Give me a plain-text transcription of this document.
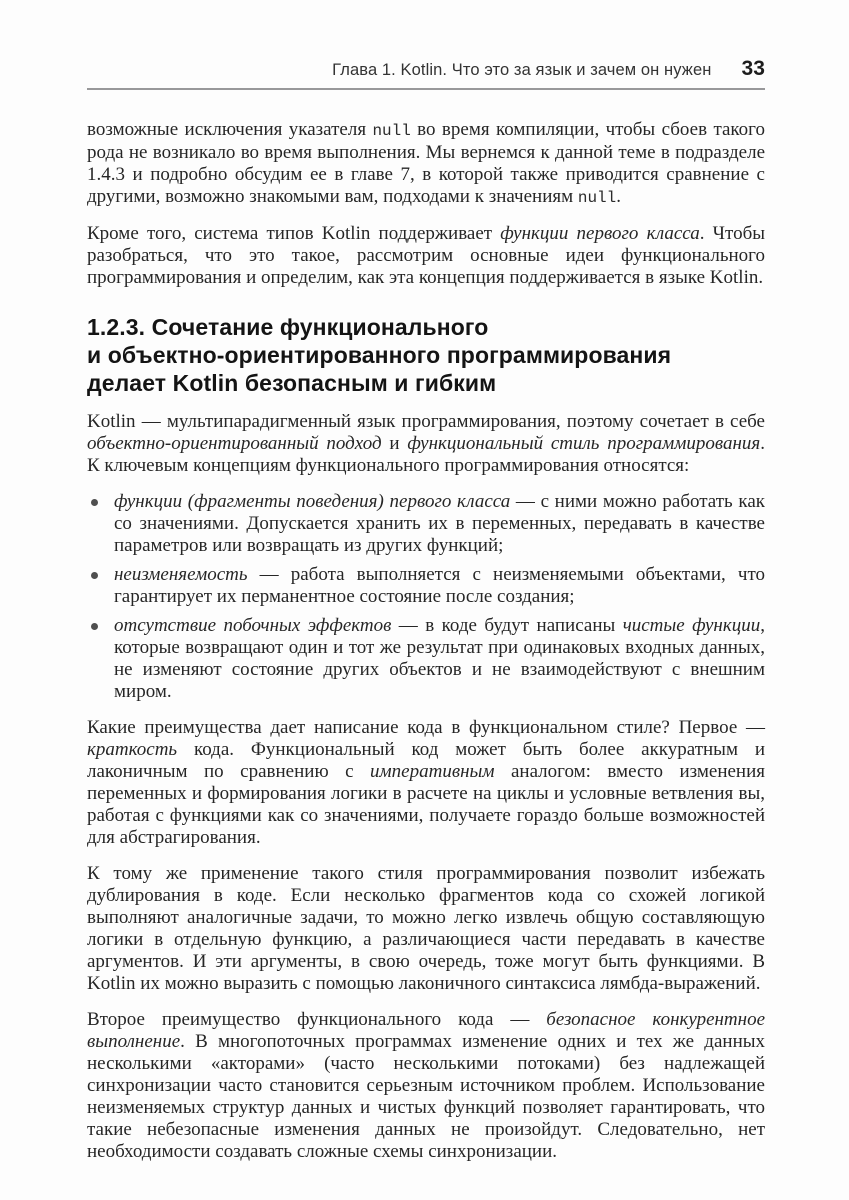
Глава 1. Kotlin. Что это за язык и зачем он нужен 33

возможные исключения указателя null во время компиляции, чтобы сбоев такого рода не возникало во время выполнения. Мы вернемся к данной теме в подразделе 1.4.3 и подробно обсудим ее в главе 7, в которой также приводится сравнение с другими, возможно знакомыми вам, подходами к значениям null.

Кроме того, система типов Kotlin поддерживает функции первого класса. Чтобы разобраться, что это такое, рассмотрим основные идеи функционального программирования и определим, как эта концепция поддерживается в языке Kotlin.

1.2.3. Сочетание функционального
и объектно-ориентированного программирования
делает Kotlin безопасным и гибким

Kotlin — мультипарадигменный язык программирования, поэтому сочетает в себе объектно-ориентированный подход и функциональный стиль программирования. К ключевым концепциям функционального программирования относятся:

функции (фрагменты поведения) первого класса — с ними можно работать как со значениями. Допускается хранить их в переменных, передавать в качестве параметров или возвращать из других функций;
неизменяемость — работа выполняется с неизменяемыми объектами, что гарантирует их перманентное состояние после создания;
отсутствие побочных эффектов — в коде будут написаны чистые функции, которые возвращают один и тот же результат при одинаковых входных данных, не изменяют состояние других объектов и не взаимодействуют с внешним миром.

Какие преимущества дает написание кода в функциональном стиле? Первое — краткость кода. Функциональный код может быть более аккуратным и лаконичным по сравнению с императивным аналогом: вместо изменения переменных и формирования логики в расчете на циклы и условные ветвления вы, работая с функциями как со значениями, получаете гораздо больше возможностей для абстрагирования.

К тому же применение такого стиля программирования позволит избежать дублирования в коде. Если несколько фрагментов кода со схожей логикой выполняют аналогичные задачи, то можно легко извлечь общую составляющую логики в отдельную функцию, а различающиеся части передавать в качестве аргументов. И эти аргументы, в свою очередь, тоже могут быть функциями. В Kotlin их можно выразить с помощью лаконичного синтаксиса лямбда-выражений.

Второе преимущество функционального кода — безопасное конкурентное выполнение. В многопоточных программах изменение одних и тех же данных несколькими «акторами» (часто несколькими потоками) без надлежащей синхронизации часто становится серьезным источником проблем. Использование неизменяемых структур данных и чистых функций позволяет гарантировать, что такие небезопасные изменения данных не произойдут. Следовательно, нет необходимости создавать сложные схемы синхронизации.
